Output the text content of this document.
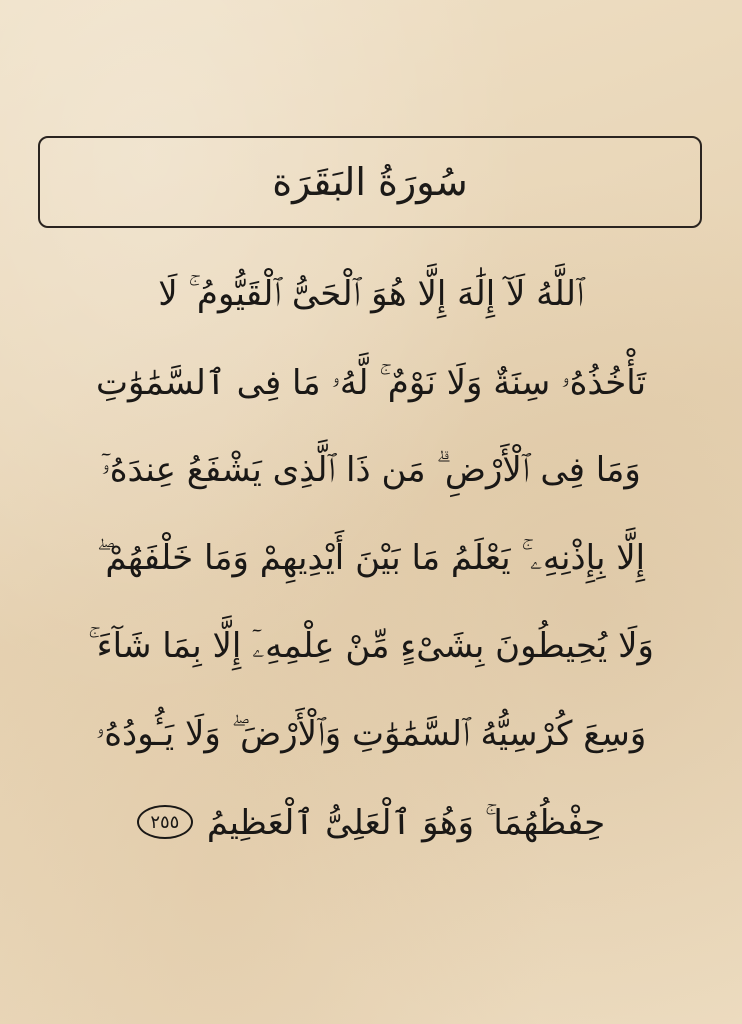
سُورَةُ البَقَرَة
ٱللَّهُ لَآ إِلَٰهَ إِلَّا هُوَ ٱلْحَىُّ ٱلْقَيُّومُ ۚ لَا
تَأْخُذُهُۥ سِنَةٌ وَلَا نَوْمٌ ۚ لَّهُۥ مَا فِى ٱلسَّمَٰوَٰتِ
وَمَا فِى ٱلْأَرْضِ ۗ مَن ذَا ٱلَّذِى يَشْفَعُ عِندَهُۥٓ
إِلَّا بِإِذْنِهِۦ ۚ يَعْلَمُ مَا بَيْنَ أَيْدِيهِمْ وَمَا خَلْفَهُمْ ۖ
وَلَا يُحِيطُونَ بِشَىْءٍ مِّنْ عِلْمِهِۦٓ إِلَّا بِمَا شَآءَ ۚ
وَسِعَ كُرْسِيُّهُ ٱلسَّمَٰوَٰتِ وَٱلْأَرْضَ ۖ وَلَا يَـُٔودُهُۥ
حِفْظُهُمَا ۚ وَهُوَ ٱلْعَلِىُّ ٱلْعَظِيمُ
٢٥٥
